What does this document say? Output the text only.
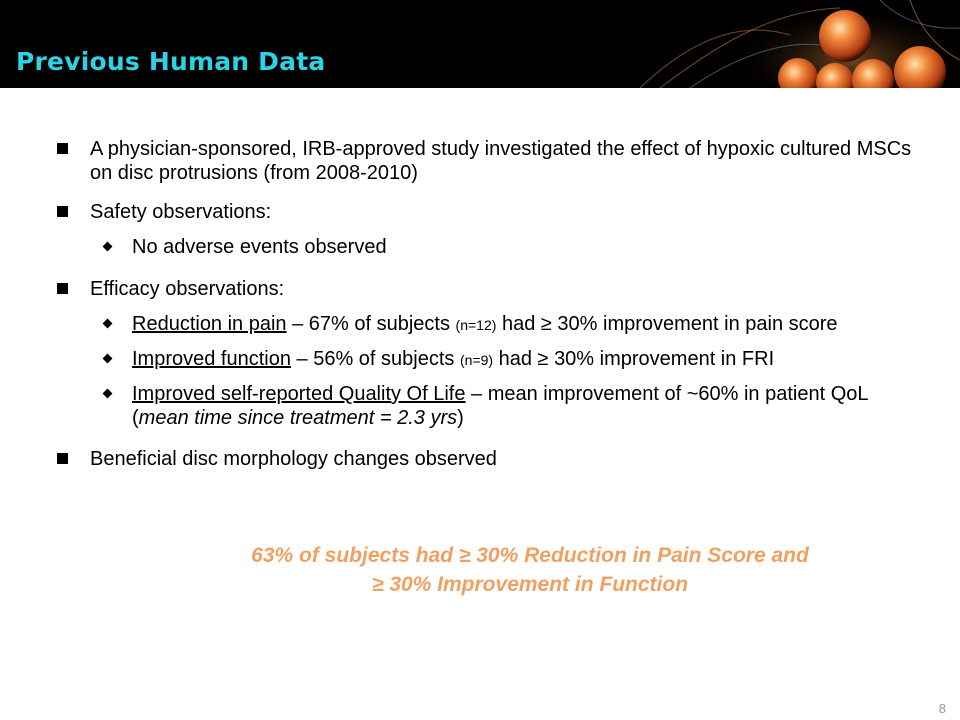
Previous Human Data
A physician-sponsored, IRB-approved study investigated the effect of hypoxic cultured MSCs on disc protrusions (from 2008-2010)
Safety observations:
No adverse events observed
Efficacy observations:
Reduction in pain – 67% of subjects (n=12) had ≥ 30% improvement in pain score
Improved function – 56% of subjects (n=9) had ≥ 30% improvement in FRI
Improved self-reported Quality Of Life – mean improvement of ~60% in patient QoL (mean time since treatment = 2.3 yrs)
Beneficial disc morphology changes observed
63% of subjects had ≥ 30% Reduction in Pain Score and
≥ 30% Improvement in Function
8
